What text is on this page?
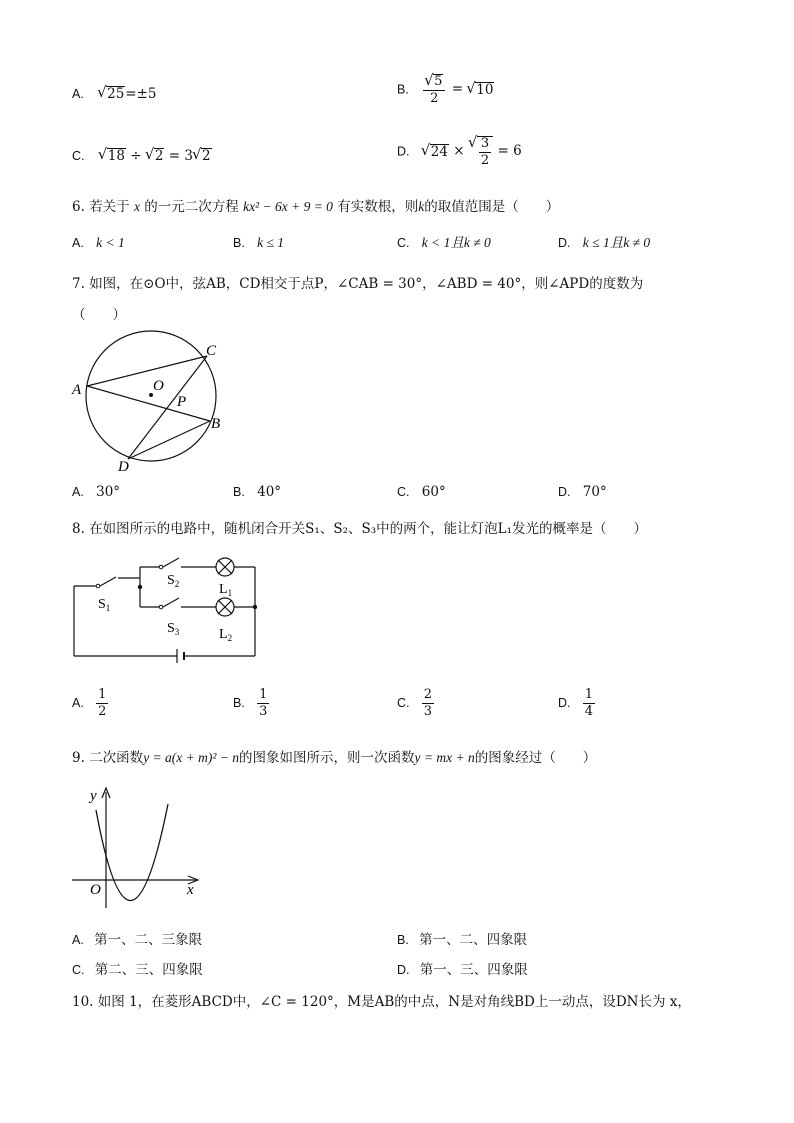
A. √ 25=±5	B. √ $\frac{5}{2}$ = √ 10
C. √ 18 ÷ √ 2 = 3 √ 2	D. √ 24 × √ $\frac{3}{2} = 6$
6. 若关于 x 的一元二次方程 kx² − 6x + 9 = 0 有实数根，则k的取值范围是（　　）
A. k < 1	B. k ≤ 1	C. k < 1且k ≠ 0	D. k ≤ 1且k ≠ 0
7. 如图，在⊙O中，弦AB，CD相交于点P，∠CAB = 30°，∠ABD = 40°，则∠APD的度数为
（　　）
A
C
B
D
O
P
A. 30°	B. 40°	C. 60°	D. 70°
8. 在如图所示的电路中，随机闭合开关S₁、S₂、S₃中的两个，能让灯泡L₁发光的概率是（　　）
$S_1$
$S_2$
$S_3$
$L_1$
$L_2$
A. $\frac{1}{2}$	B. $\frac{1}{3}$	C. $\frac{2}{3}$	D. $\frac{1}{4}$
9. 二次函数y = a(x + m)² − n的图象如图所示，则一次函数y = mx + n的图象经过（　　）
y
x
O
A. 第一、二、三象限	B. 第一、二、四象限
C. 第二、三、四象限	D. 第一、三、四象限
10. 如图 1，在菱形ABCD中，∠C = 120°，M是AB的中点，N是对角线BD上一动点，设DN长为 x，
